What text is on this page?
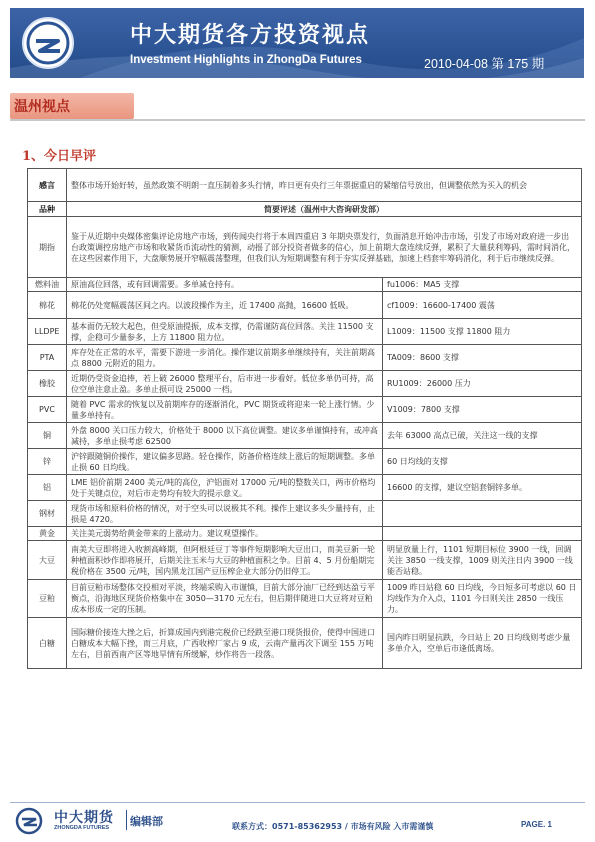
中大期货各方投资视点
Investment Highlights in ZhongDa Futures	2010-04-08 第 175 期
温州视点
1、今日早评
感言	整体市场开始好转，虽然政策不明朗一直压制着多头行情，昨日更有央行三年票据重启的紧缩信号放出，但调整依然为买入的机会	
品种	简要评述（温州中大咨询研发部）	
期指	鉴于从近期中央媒体密集评论房地产市场，到传闻央行将于本周四重启 3 年期央票发行，负面消息开始冲击市场，引发了市场对政府进一步出台政策调控房地产市场和收紧货币流动性的猜测，动摇了部分投资者做多的信心，加上前期大盘连续反弹，累积了大量获利筹码，需时间消化，在这些因素作用下，大盘顺势展开窄幅震荡整理，但我们认为短期调整有利于夯实反弹基础，加速上档套牢筹码消化，利于后市继续反弹。	
燃料油	原油高位回落，或有回调需要。多单减仓持有。	fu1006：MA5 支撑
棉花	棉花仍处宽幅震荡区间之内。以波段操作为主，近 17400 高抛，16600 低吸。	cf1009：16600-17400 震荡
LLDPE	基本面仍无较大起色，但受原油提振，成本支撑，仍需谨防高位回落。关注 11500 支撑，企稳可少量参多，上方 11800 阻力位。	L1009：11500 支撑 11800 阻力
PTA	库存处在正常的水平，需要下游进一步消化。操作建议前期多单继续持有，关注前期高点 8800 元附近的阻力。	TA009：8600 支撑
橡胶	近期仍受资金追捧，若上破 26000 整理平台，后市进一步看好。低位多单仍可持，高位空单注意止盈。多单止损可设 25000 一档。	RU1009：26000 压力
PVC	随着 PVC 需求的恢复以及前期库存的逐渐消化，PVC 期货或将迎来一轮上涨行情。少量多单持有。	V1009：7800 支撑
铜	外盘 8000 关口压力较大，价格处于 8000 以下高位调整。建议多单谨慎持有，或冲高减持，多单止损考虑 62500	去年 63000 高点已破，关注这一线的支撑
锌	沪锌跟随铜价操作，建议偏多思路。轻仓操作，防备价格连续上涨后的短期调整。多单止损 60 日均线。	60 日均线的支撑
铝	LME 铝价前期 2400 美元/吨的高位，沪铝面对 17000 元/吨的整数关口，两市价格均处于关键点位，对后市走势均有较大的提示意义。	16600 的支撑，建议空铝套铜锌多单。
钢材	现货市场和原料价格的情况，对于空头可以说极其不利。操作上建议多头少量持有，止损是 4720。	
黄金	关注美元弱势给黄金带来的上涨动力。建议观望操作。	
大豆	南美大豆即将进入收割高峰期，但阿根廷豆丁等事件短期影响大豆出口，而美豆新一轮种植面积炒作即将展开，后期关注玉米与大豆的种植面积之争。目前 4、5 月份船期完税价格在 3500 元/吨，国内黑龙江国产豆压榨企业大部分仍旧停工。	明显放量上行，1101 短期目标位 3900 一线，回调关注 3850 一线支撑，1009 则关注日内 3900 一线能否站稳。
豆粕	目前豆粕市场整体交投相对平淡，终端采购入市谨慎，目前大部分油厂已经到达盈亏平衡点，沿海地区现货价格集中在 3050—3170 元左右，但后期伴随进口大豆将对豆粕成本形成一定的压制。	1009 昨日站稳 60 日均线，今日短多可考虑以 60 日均线作为介入点，1101 今日则关注 2850 一线压力。
白糖	国际糖价接连大挫之后，折算成国内到港完税价已经跌至港口现货报价，使得中国进口白糖成本大幅下挫，而三月底，广西收榨厂家占 9 成，云南产量再次下调至 155 万吨左右，目前西南产区等地旱情有所缓解，炒作将告一段落。	国内昨日明显抗跌，今日站上 20 日均线则考虑少量多单介入，空单后市逢低离场。
中大期货
ZHONGDA FUTURES 编辑部	联系方式：0571-85362953 / 市场有风险 入市需谨慎	PAGE. 1
